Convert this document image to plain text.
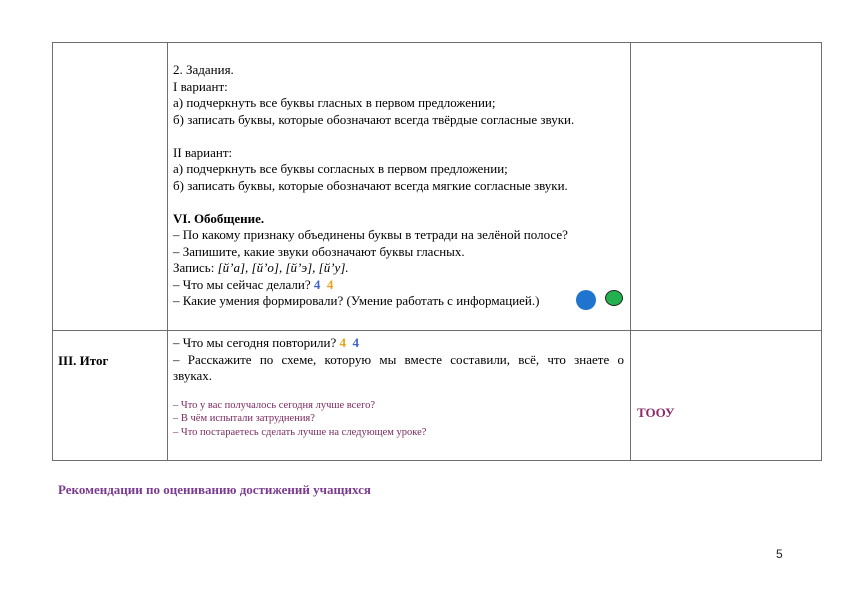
2. Задания.
I вариант:
а) подчеркнуть все буквы гласных в первом предложении;
б) записать буквы, которые обозначают всегда твёрдые согласные звуки.
II вариант:
а) подчеркнуть все буквы согласных в первом предложении;
б) записать буквы, которые обозначают всегда мягкие согласные звуки.
VI. Обобщение.
– По какому признаку объединены буквы в тетради на зелёной полосе?
– Запишите, какие звуки обозначают буквы гласных.
Запись: [й’а], [й’о], [й’э], [й’у].
– Что мы сейчас делали? 4 4
– Какие умения формировали? (Умение работать с информацией.)
III. Итог
– Что мы сегодня повторили? 4 4
– Расскажите по схеме, которую мы вместе составили, всё, что знаете о
звуках.
– Что у вас получалось сегодня лучше всего?
– В чём испытали затруднения?
– Что постараетесь сделать лучше на следующем уроке?
ТООУ
Рекомендации по оцениванию достижений учащихся
5
